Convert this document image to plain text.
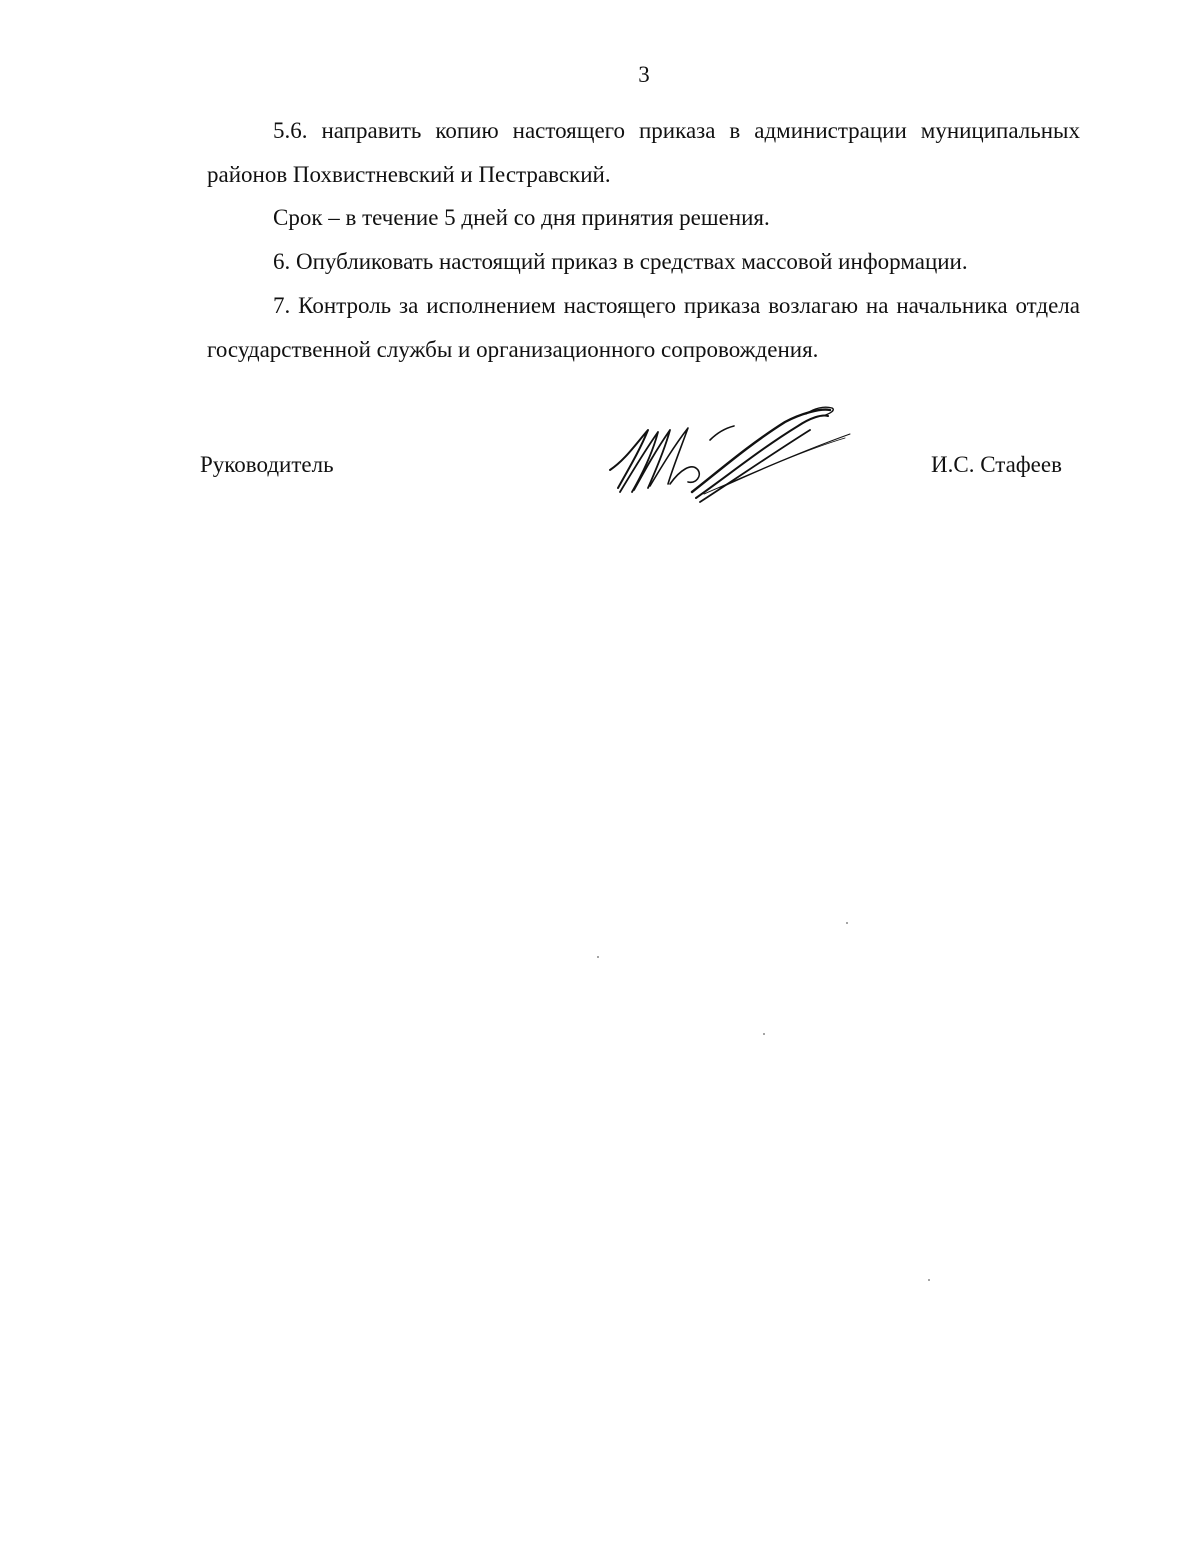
3

5.6. направить копию настоящего приказа в администрации муниципальных районов Похвистневский и Пестравский.

Срок – в течение 5 дней со дня принятия решения.

6. Опубликовать настоящий приказ в средствах массовой информации.

7. Контроль за исполнением настоящего приказа возлагаю на начальника отдела государственной службы и организационного сопровождения.

Руководитель	И.С. Стафеев
